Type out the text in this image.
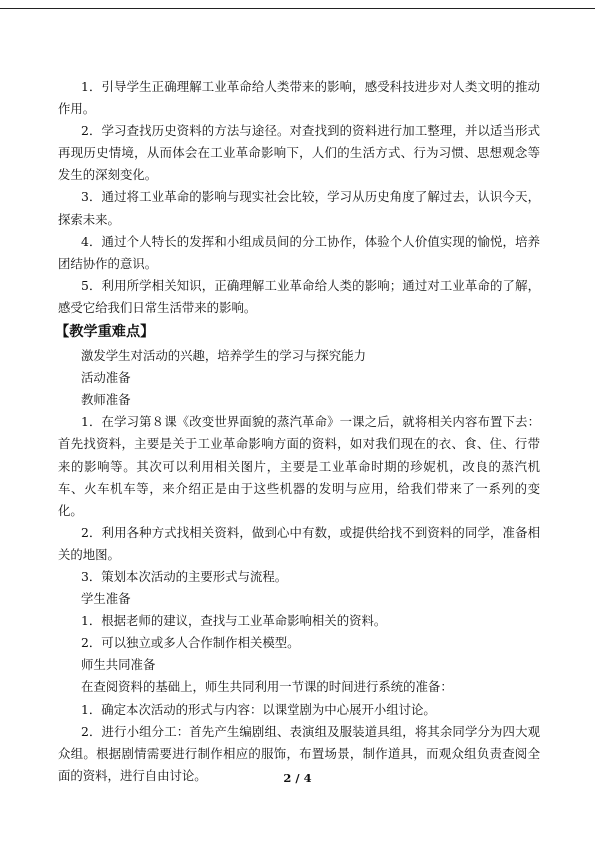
1．引导学生正确理解工业革命给人类带来的影响，感受科技进步对人类文明的推动作用。

2．学习查找历史资料的方法与途径。对查找到的资料进行加工整理，并以适当形式再现历史情境，从而体会在工业革命影响下，人们的生活方式、行为习惯、思想观念等发生的深刻变化。

3．通过将工业革命的影响与现实社会比较，学习从历史角度了解过去，认识今天，探索未来。

4．通过个人特长的发挥和小组成员间的分工协作，体验个人价值实现的愉悦，培养团结协作的意识。

5．利用所学相关知识，正确理解工业革命给人类的影响；通过对工业革命的了解，感受它给我们日常生活带来的影响。

【教学重难点】

激发学生对活动的兴趣，培养学生的学习与探究能力

活动准备

教师准备

1．在学习第８课《改变世界面貌的蒸汽革命》一课之后，就将相关内容布置下去：首先找资料，主要是关于工业革命影响方面的资料，如对我们现在的衣、食、住、行带来的影响等。其次可以利用相关图片，主要是工业革命时期的珍妮机，改良的蒸汽机车、火车机车等，来介绍正是由于这些机器的发明与应用，给我们带来了一系列的变化。

2．利用各种方式找相关资料，做到心中有数，或提供给找不到资料的同学，准备相关的地图。

3．策划本次活动的主要形式与流程。

学生准备

1．根据老师的建议，查找与工业革命影响相关的资料。

2．可以独立或多人合作制作相关模型。

师生共同准备

在查阅资料的基础上，师生共同利用一节课的时间进行系统的准备：

1．确定本次活动的形式与内容：以课堂剧为中心展开小组讨论。

2．进行小组分工：首先产生编剧组、表演组及服装道具组，将其余同学分为四大观众组。根据剧情需要进行制作相应的服饰，布置场景，制作道具，而观众组负责查阅全面的资料，进行自由讨论。	2 / 4
